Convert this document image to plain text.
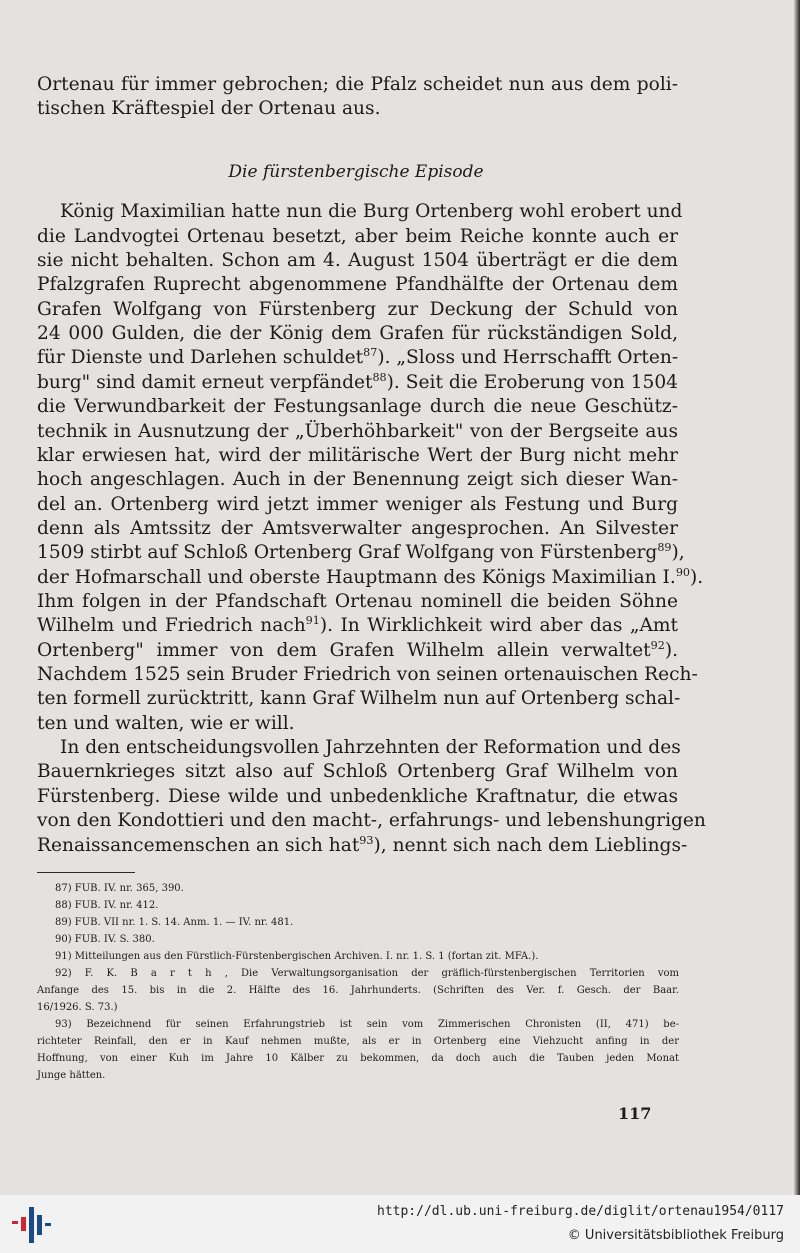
Ortenau für immer gebrochen; die Pfalz scheidet nun aus dem poli-
tischen Kräftespiel der Ortenau aus.
Die fürstenbergische Episode
König Maximilian hatte nun die Burg Ortenberg wohl erobert und
die Landvogtei Ortenau besetzt, aber beim Reiche konnte auch er
sie nicht behalten. Schon am 4. August 1504 überträgt er die dem
Pfalzgrafen Ruprecht abgenommene Pfandhälfte der Ortenau dem
Grafen Wolfgang von Fürstenberg zur Deckung der Schuld von
24 000 Gulden, die der König dem Grafen für rückständigen Sold,
für Dienste und Darlehen schuldet$^{87}$). „Sloss und Herrschafft Orten-
burg" sind damit erneut verpfändet$^{88}$). Seit die Eroberung von 1504
die Verwundbarkeit der Festungsanlage durch die neue Geschütz-
technik in Ausnutzung der „Überhöhbarkeit" von der Bergseite aus
klar erwiesen hat, wird der militärische Wert der Burg nicht mehr
hoch angeschlagen. Auch in der Benennung zeigt sich dieser Wan-
del an. Ortenberg wird jetzt immer weniger als Festung und Burg
denn als Amtssitz der Amtsverwalter angesprochen. An Silvester
1509 stirbt auf Schloß Ortenberg Graf Wolfgang von Fürstenberg$^{89}$),
der Hofmarschall und oberste Hauptmann des Königs Maximilian I.$^{90}$).
Ihm folgen in der Pfandschaft Ortenau nominell die beiden Söhne
Wilhelm und Friedrich nach$^{91}$). In Wirklichkeit wird aber das „Amt
Ortenberg" immer von dem Grafen Wilhelm allein verwaltet$^{92}$).
Nachdem 1525 sein Bruder Friedrich von seinen ortenauischen Rech-
ten formell zurücktritt, kann Graf Wilhelm nun auf Ortenberg schal-
ten und walten, wie er will.
In den entscheidungsvollen Jahrzehnten der Reformation und des
Bauernkrieges sitzt also auf Schloß Ortenberg Graf Wilhelm von
Fürstenberg. Diese wilde und unbedenkliche Kraftnatur, die etwas
von den Kondottieri und den macht-, erfahrungs- und lebenshungrigen
Renaissancemenschen an sich hat$^{93}$), nennt sich nach dem Lieblings-
87) FUB. IV. nr. 365, 390.
88) FUB. IV. nr. 412.
89) FUB. VII nr. 1. S. 14. Anm. 1. — IV. nr. 481.
90) FUB. IV. S. 380.
91) Mitteilungen aus den Fürstlich-Fürstenbergischen Archiven. I. nr. 1. S. 1 (fortan zit. MFA.).
92) F. K. B a r t h , Die Verwaltungsorganisation der gräflich-fürstenbergischen Territorien vom
Anfange des 15. bis in die 2. Hälfte des 16. Jahrhunderts. (Schriften des Ver. f. Gesch. der Baar.
16/1926. S. 73.)
93) Bezeichnend für seinen Erfahrungstrieb ist sein vom Zimmerischen Chronisten (II, 471) be-
richteter Reinfall, den er in Kauf nehmen mußte, als er in Ortenberg eine Viehzucht anfing in der
Hoffnung, von einer Kuh im Jahre 10 Kälber zu bekommen, da doch auch die Tauben jeden Monat
Junge hätten.
117
http://dl.ub.uni-freiburg.de/diglit/ortenau1954/0117
© Universitätsbibliothek Freiburg
